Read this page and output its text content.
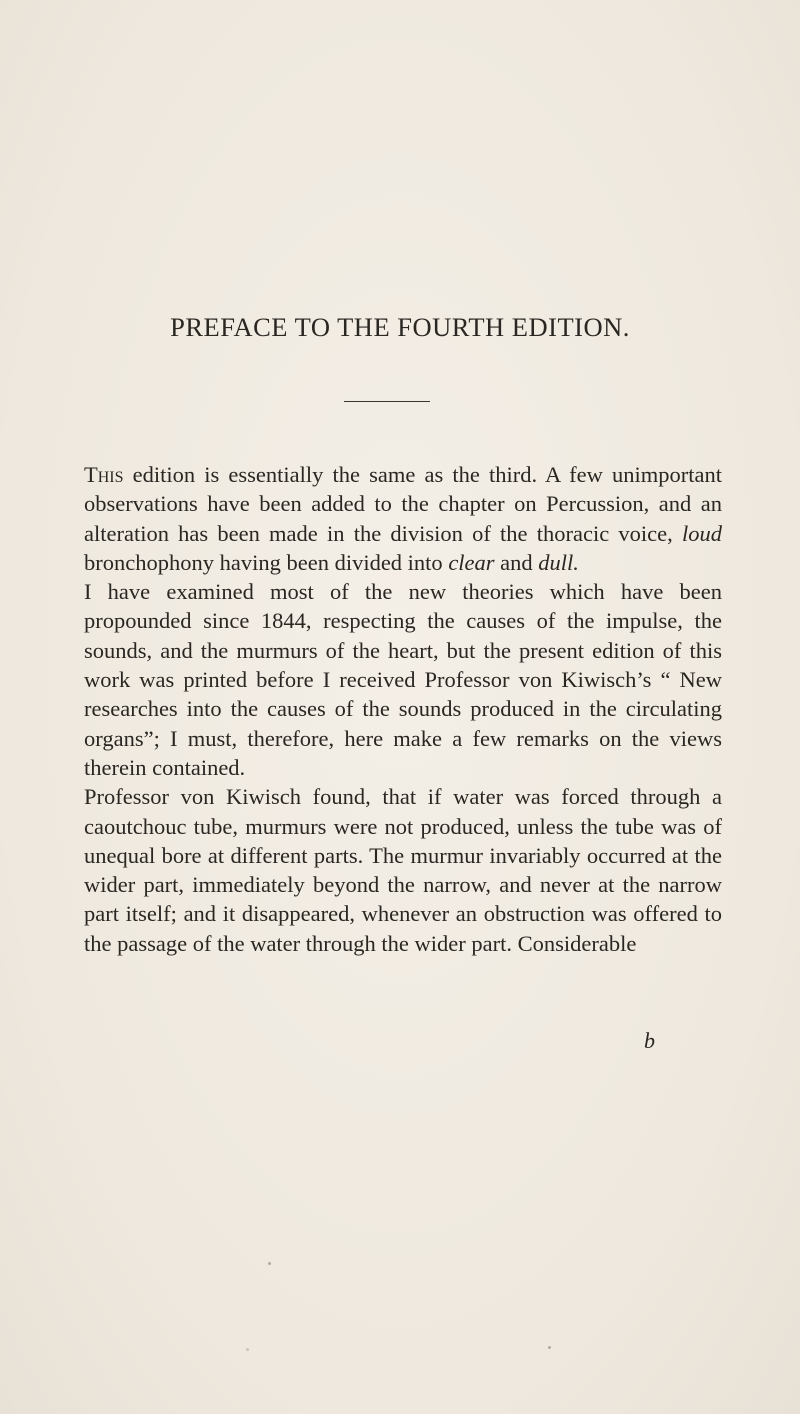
PREFACE TO THE FOURTH EDITION.

This edition is essentially the same as the third. A few unimportant observations have been added to the chapter on Percussion, and an alteration has been made in the division of the thoracic voice, loud bronchophony having been divided into clear and dull.

I have examined most of the new theories which have been propounded since 1844, respecting the causes of the impulse, the sounds, and the murmurs of the heart, but the present edition of this work was printed before I received Professor von Kiwisch’s “ New researches into the causes of the sounds produced in the circulating organs”; I must, therefore, here make a few remarks on the views therein contained.

Professor von Kiwisch found, that if water was forced through a caoutchouc tube, murmurs were not produced, unless the tube was of unequal bore at different parts. The murmur invariably occurred at the wider part, immediately beyond the narrow, and never at the narrow part itself; and it disappeared, whenever an obstruction was offered to the passage of the water through the wider part. Considerable

b
